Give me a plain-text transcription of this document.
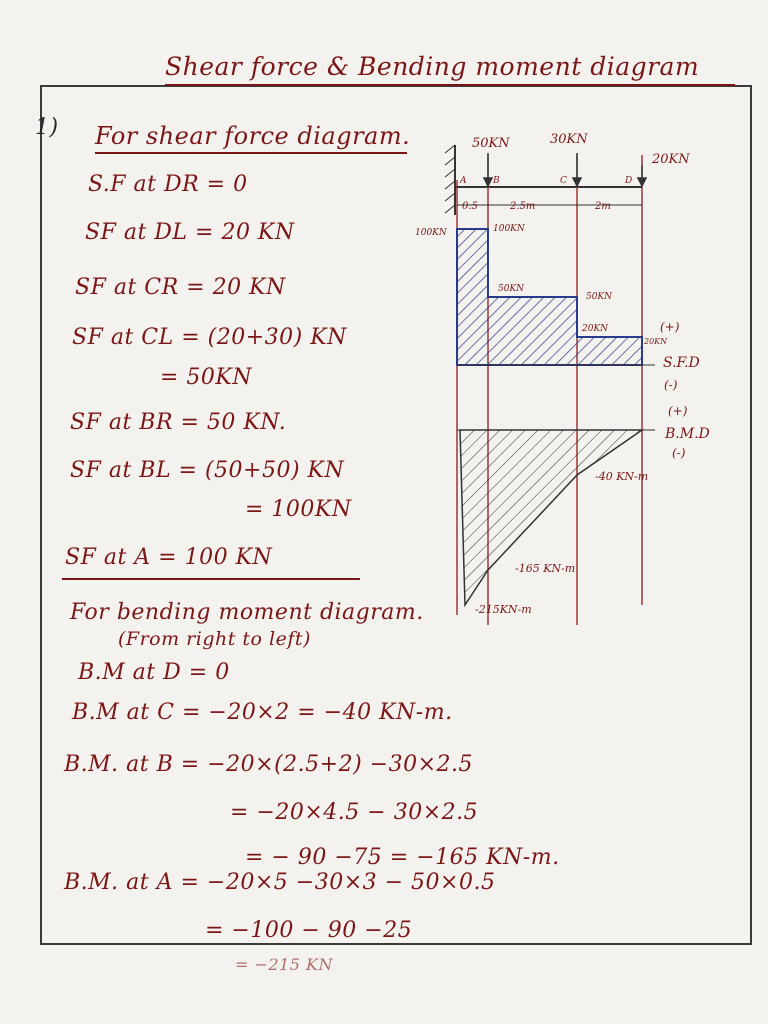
Shear force & Bending moment diagram
1) For shear force diagram.
S.F at DR = 0
SF at DL = 20 KN
SF at CR = 20 KN
SF at CL = (20+30) KN
= 50KN
SF at BR = 50 KN.
SF at BL = (50+50) KN
= 100KN
SF at A = 100 KN
For bending moment diagram.
(From right to left)
B.M at D = 0
B.M at C = −20×2 = −40 KN-m.
B.M. at B = −20×(2.5+2) −30×2.5
= −20×4.5 − 30×2.5
= − 90 −75 = −165 KN-m.
B.M. at A = −20×5 −30×3 − 50×0.5
= −100 − 90 −25
= −215 KN
50KN	30KN
20KN
A	B	C	D
0.5	2.5m	2m
100KN	100KN
50KN
50KN
20KN
20KN
(+)
S.F.D
(-)
(+)
B.M.D
(-)
-40 KN-m
-165 KN-m
-215KN-m
